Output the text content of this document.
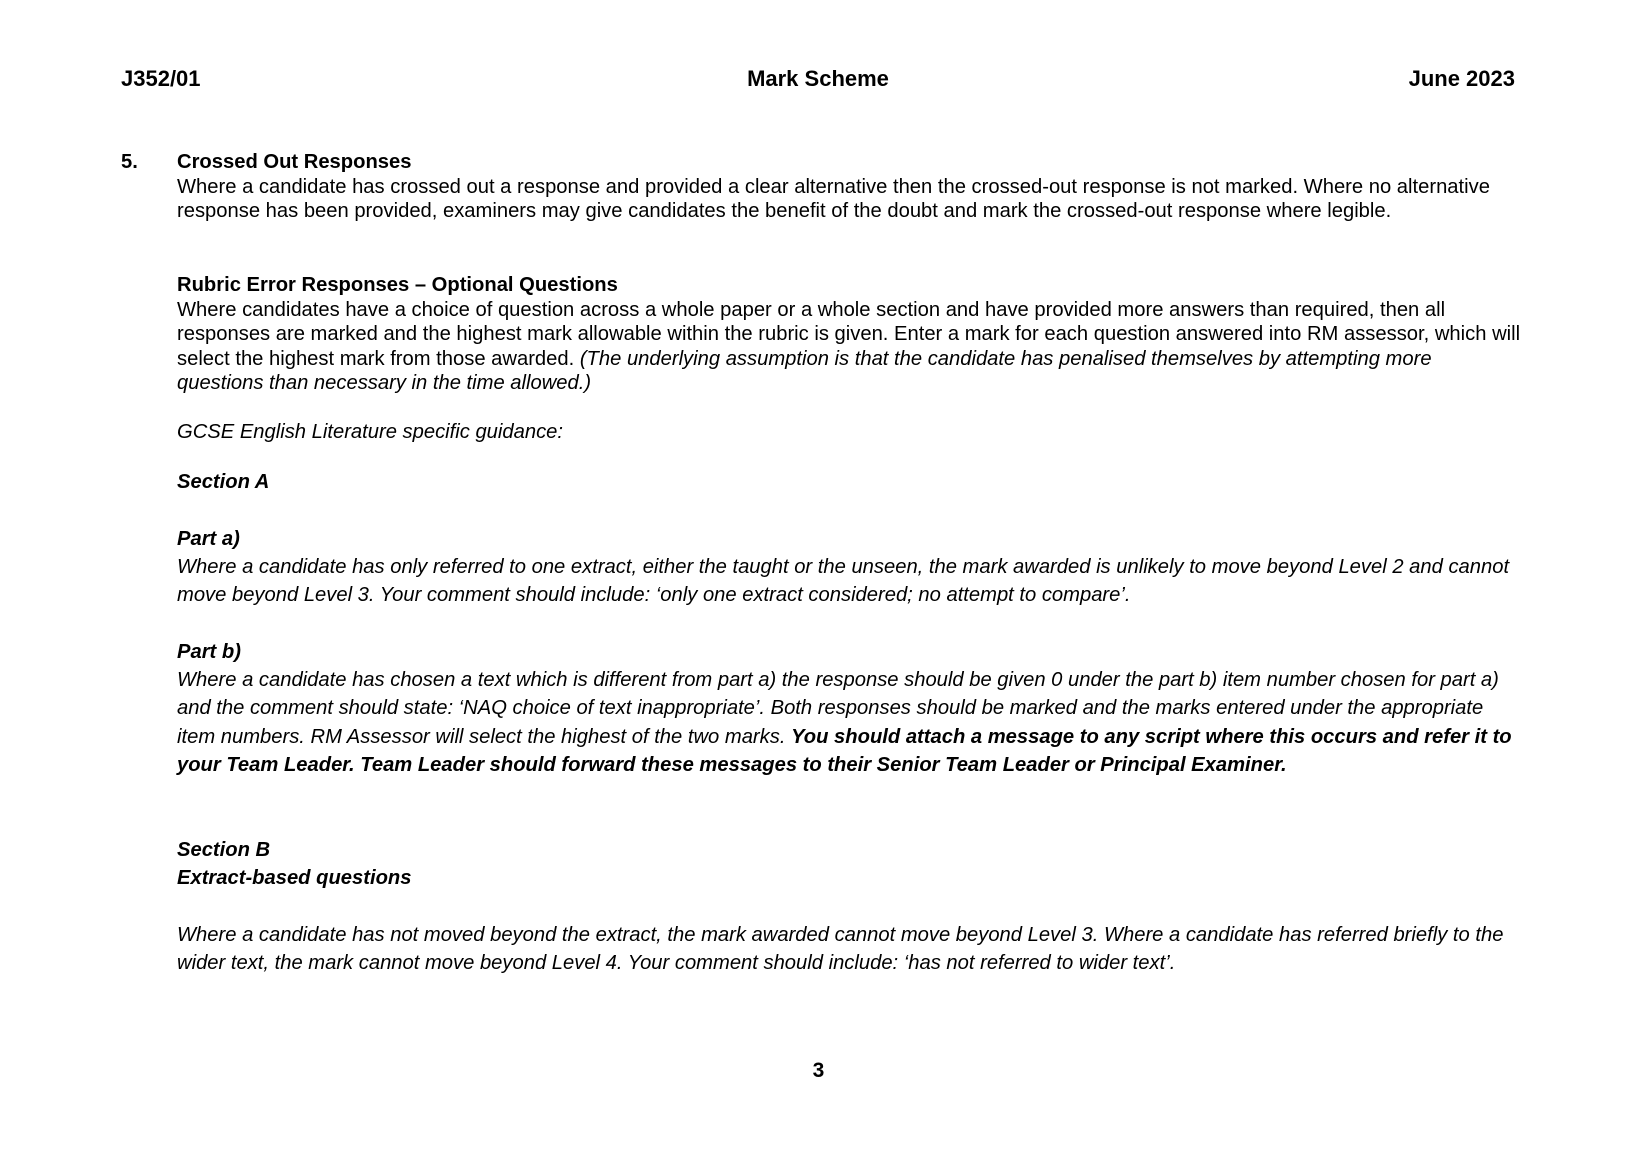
J352/01	Mark Scheme	June 2023
5. Crossed Out Responses

Where a candidate has crossed out a response and provided a clear alternative then the crossed-out response is not marked. Where no alternative response has been provided, examiners may give candidates the benefit of the doubt and mark the crossed-out response where legible.

Rubric Error Responses – Optional Questions

Where candidates have a choice of question across a whole paper or a whole section and have provided more answers than required, then all responses are marked and the highest mark allowable within the rubric is given. Enter a mark for each question answered into RM assessor, which will select the highest mark from those awarded. (The underlying assumption is that the candidate has penalised themselves by attempting more questions than necessary in the time allowed.)

GCSE English Literature specific guidance:

Section A

Part a)

Where a candidate has only referred to one extract, either the taught or the unseen, the mark awarded is unlikely to move beyond Level 2 and cannot move beyond Level 3. Your comment should include: ‘only one extract considered; no attempt to compare’.

Part b)

Where a candidate has chosen a text which is different from part a) the response should be given 0 under the part b) item number chosen for part a) and the comment should state: ‘NAQ choice of text inappropriate’. Both responses should be marked and the marks entered under the appropriate item numbers. RM Assessor will select the highest of the two marks. You should attach a message to any script where this occurs and refer it to your Team Leader. Team Leader should forward these messages to their Senior Team Leader or Principal Examiner.

Section B

Extract-based questions

Where a candidate has not moved beyond the extract, the mark awarded cannot move beyond Level 3. Where a candidate has referred briefly to the wider text, the mark cannot move beyond Level 4. Your comment should include: ‘has not referred to wider text’.

3
